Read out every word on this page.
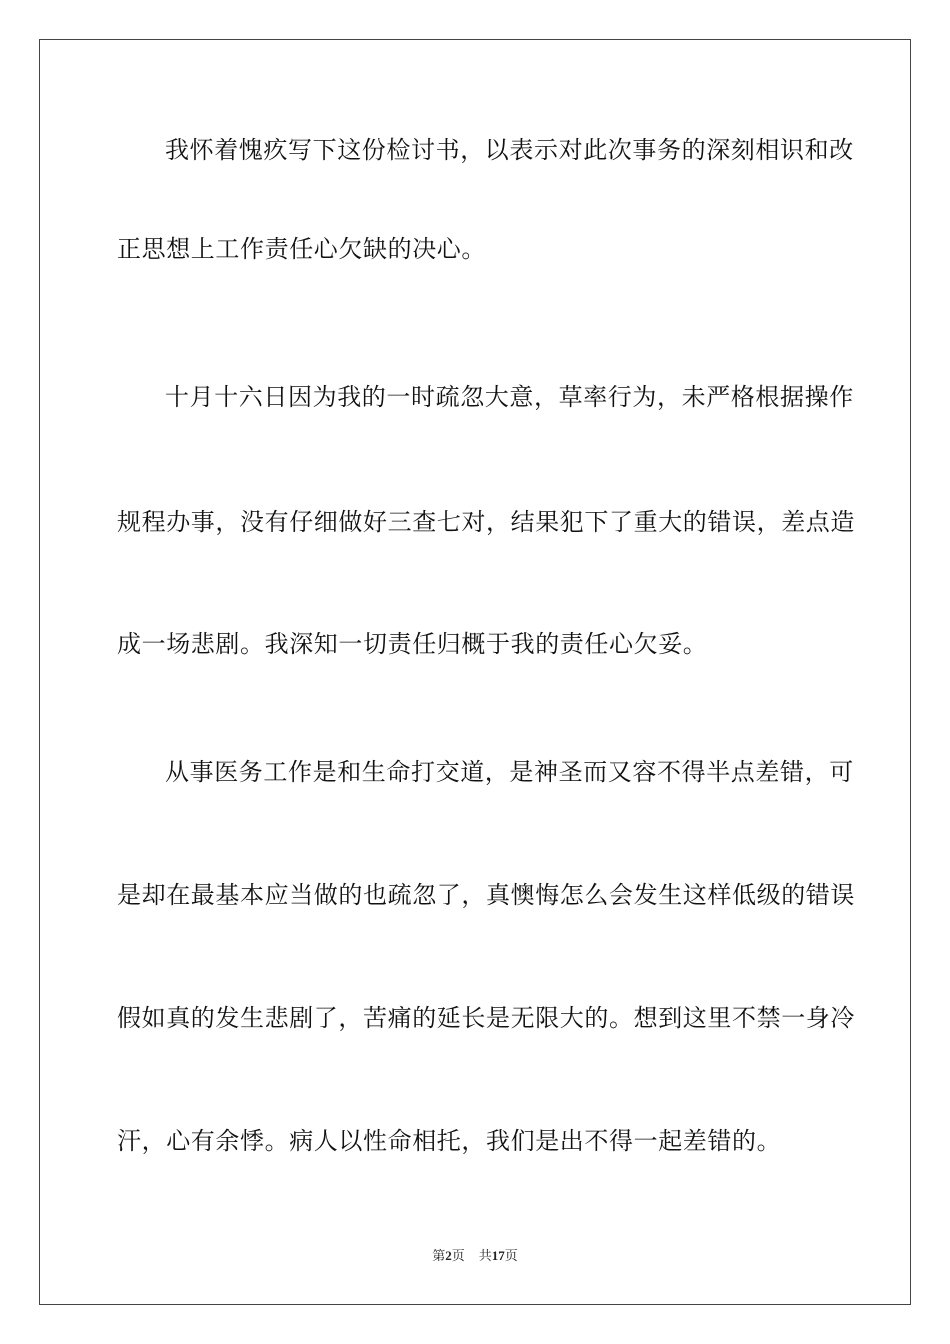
我怀着愧疚写下这份检讨书，以表示对此次事务的深刻相识和改
正思想上工作责任心欠缺的决心。
十月十六日因为我的一时疏忽大意，草率行为，未严格根据操作
规程办事，没有仔细做好三查七对，结果犯下了重大的错误，差点造
成一场悲剧。我深知一切责任归概于我的责任心欠妥。
从事医务工作是和生命打交道，是神圣而又容不得半点差错，可
是却在最基本应当做的也疏忽了，真懊悔怎么会发生这样低级的错误
假如真的发生悲剧了，苦痛的延长是无限大的。想到这里不禁一身冷
汗，心有余悸。病人以性命相托，我们是出不得一起差错的。
第2页 共17页
